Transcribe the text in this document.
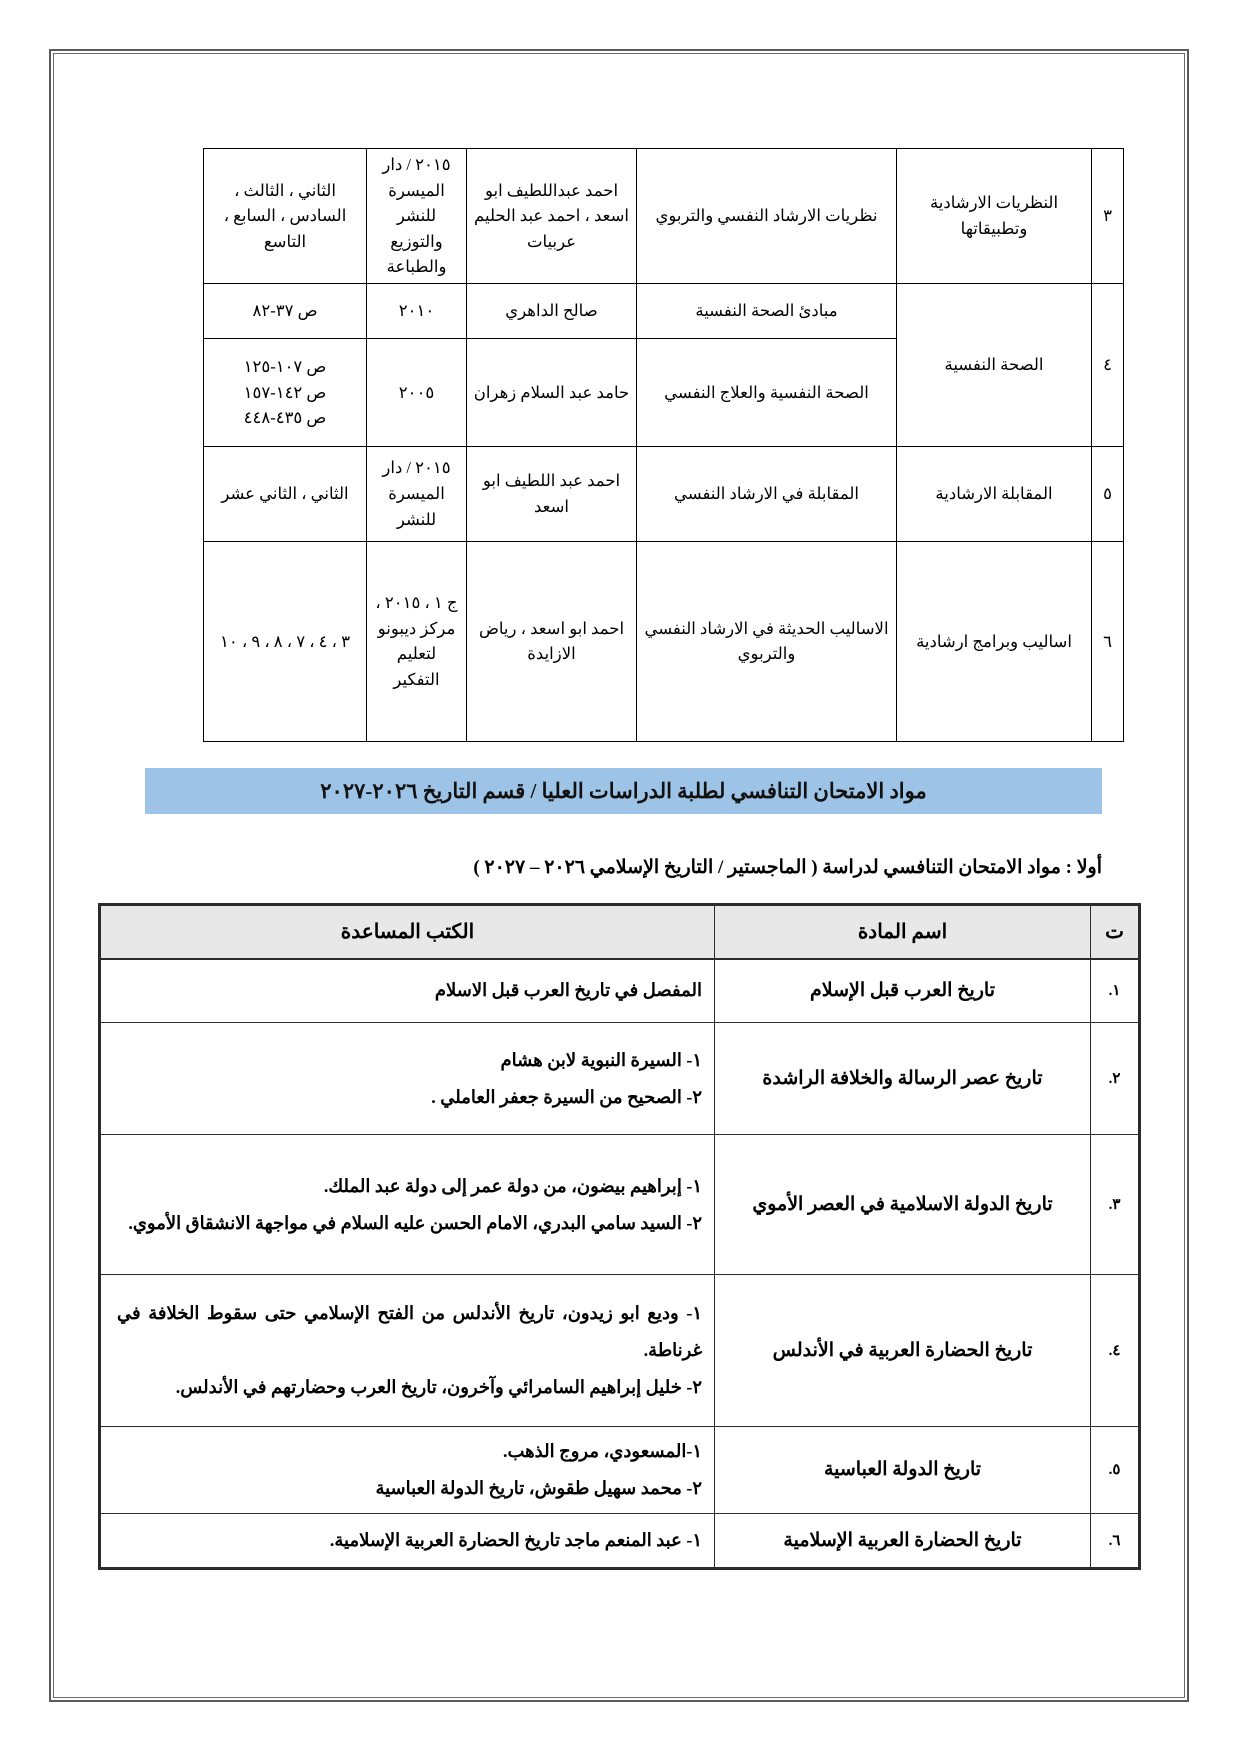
٣	النظريات الارشادية وتطبيقاتها	نظريات الارشاد النفسي والتربوي	احمد عبداللطيف ابو اسعد ، احمد عبد الحليم عربيات	٢٠١٥ / دار الميسرة للنشر والتوزيع والطباعة	الثاني ، الثالث ، السادس ، السابع ، التاسع
٤	الصحة النفسية	مبادئ الصحة النفسية	صالح الداهري	٢٠١٠	ص ٣٧-٨٢
		الصحة النفسية والعلاج النفسي	حامد عبد السلام زهران	٢٠٠٥	ص ١٠٧-١٢٥
ص ١٤٢-١٥٧
ص ٤٣٥-٤٤٨

٥	المقابلة الارشادية	المقابلة في الارشاد النفسي	احمد عبد اللطيف ابو اسعد	٢٠١٥ / دار الميسرة للنشر	الثاني ، الثاني عشر
٦	اساليب وبرامج ارشادية	الاساليب الحديثة في الارشاد النفسي والتربوي	احمد ابو اسعد ، رياض الازايدة	ج ١ ، ٢٠١٥ ، مركز ديبونو لتعليم التفكير	٣ ، ٤ ، ٧ ، ٨ ، ٩ ، ١٠
مواد الامتحان التنافسي لطلبة الدراسات العليا / قسم التاريخ ٢٠٢٦-٢٠٢٧
أولا : مواد الامتحان التنافسي لدراسة ( الماجستير / التاريخ الإسلامي ٢٠٢٦ – ٢٠٢٧ )
ت	اسم المادة	الكتب المساعدة
١.	تاريخ العرب قبل الإسلام	المفصل في تاريخ العرب قبل الاسلام

٢.	تاريخ عصر الرسالة والخلافة الراشدة	١- السيرة النبوية لابن هشام
٢- الصحيح من السيرة جعفر العاملي .

٣.	تاريخ الدولة الاسلامية في العصر الأموي	١- إبراهيم بيضون، من دولة عمر إلى دولة عبد الملك.
٢- السيد سامي البدري، الامام الحسن عليه السلام في مواجهة الانشقاق الأموي.

٤.	تاريخ الحضارة العربية في الأندلس	١- وديع ابو زيدون، تاريخ الأندلس من الفتح الإسلامي حتى سقوط الخلافة في غرناطة.
٢- خليل إبراهيم السامرائي وآخرون، تاريخ العرب وحضارتهم في الأندلس.

٥.	تاريخ الدولة العباسية	١-المسعودي، مروج الذهب.
٢- محمد سهيل طقوش، تاريخ الدولة العباسية

٦.	تاريخ الحضارة العربية الإسلامية	١- عبد المنعم ماجد تاريخ الحضارة العربية الإسلامية.
